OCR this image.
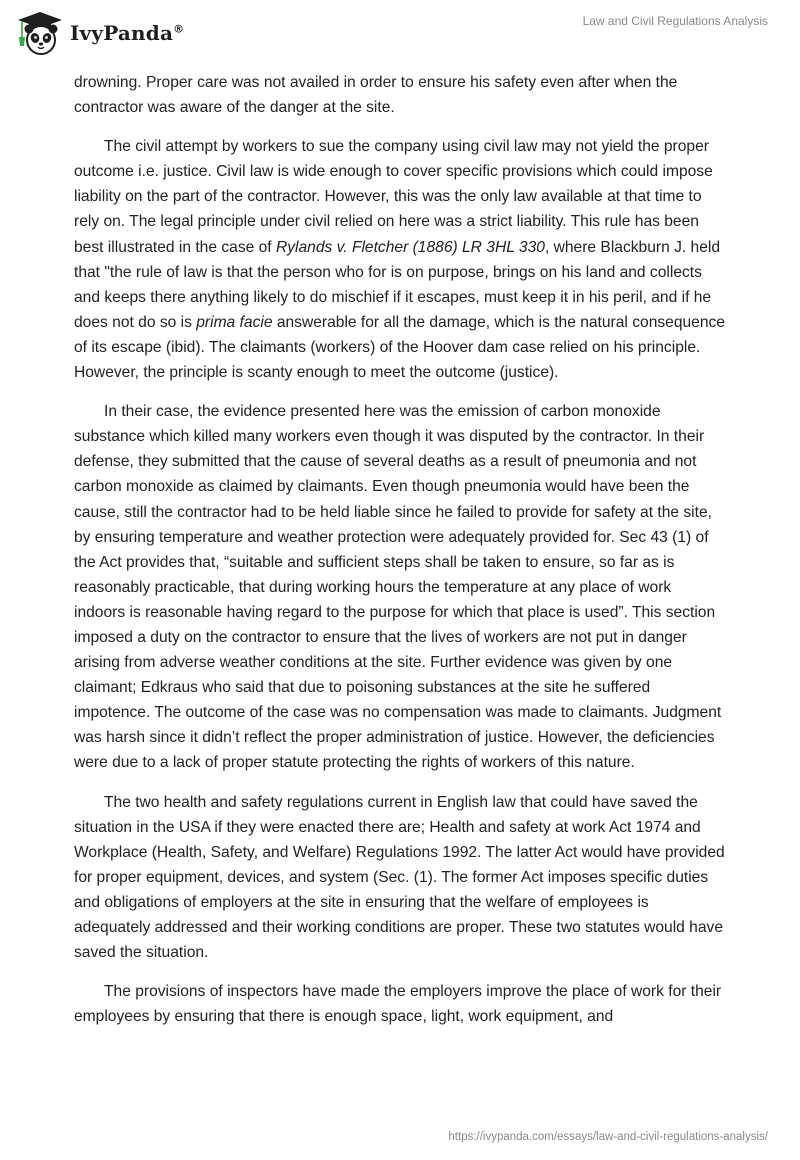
IvyPanda®
Law and Civil Regulations Analysis

drowning. Proper care was not availed in order to ensure his safety even after when the contractor was aware of the danger at the site.

The civil attempt by workers to sue the company using civil law may not yield the proper outcome i.e. justice. Civil law is wide enough to cover specific provisions which could impose liability on the part of the contractor. However, this was the only law available at that time to rely on. The legal principle under civil relied on here was a strict liability. This rule has been best illustrated in the case of Rylands v. Fletcher (1886) LR 3HL 330, where Blackburn J. held that "the rule of law is that the person who for is on purpose, brings on his land and collects and keeps there anything likely to do mischief if it escapes, must keep it in his peril, and if he does not do so is prima facie answerable for all the damage, which is the natural consequence of its escape (ibid). The claimants (workers) of the Hoover dam case relied on his principle. However, the principle is scanty enough to meet the outcome (justice).

In their case, the evidence presented here was the emission of carbon monoxide substance which killed many workers even though it was disputed by the contractor. In their defense, they submitted that the cause of several deaths as a result of pneumonia and not carbon monoxide as claimed by claimants. Even though pneumonia would have been the cause, still the contractor had to be held liable since he failed to provide for safety at the site, by ensuring temperature and weather protection were adequately provided for. Sec 43 (1) of the Act provides that, “suitable and sufficient steps shall be taken to ensure, so far as is reasonably practicable, that during working hours the temperature at any place of work indoors is reasonable having regard to the purpose for which that place is used”. This section imposed a duty on the contractor to ensure that the lives of workers are not put in danger arising from adverse weather conditions at the site. Further evidence was given by one claimant; Edkraus who said that due to poisoning substances at the site he suffered impotence. The outcome of the case was no compensation was made to claimants. Judgment was harsh since it didn’t reflect the proper administration of justice. However, the deficiencies were due to a lack of proper statute protecting the rights of workers of this nature.

The two health and safety regulations current in English law that could have saved the situation in the USA if they were enacted there are; Health and safety at work Act 1974 and Workplace (Health, Safety, and Welfare) Regulations 1992. The latter Act would have provided for proper equipment, devices, and system (Sec. (1). The former Act imposes specific duties and obligations of employers at the site in ensuring that the welfare of employees is adequately addressed and their working conditions are proper. These two statutes would have saved the situation.

The provisions of inspectors have made the employers improve the place of work for their employees by ensuring that there is enough space, light, work equipment, and

https://ivypanda.com/essays/law-and-civil-regulations-analysis/
